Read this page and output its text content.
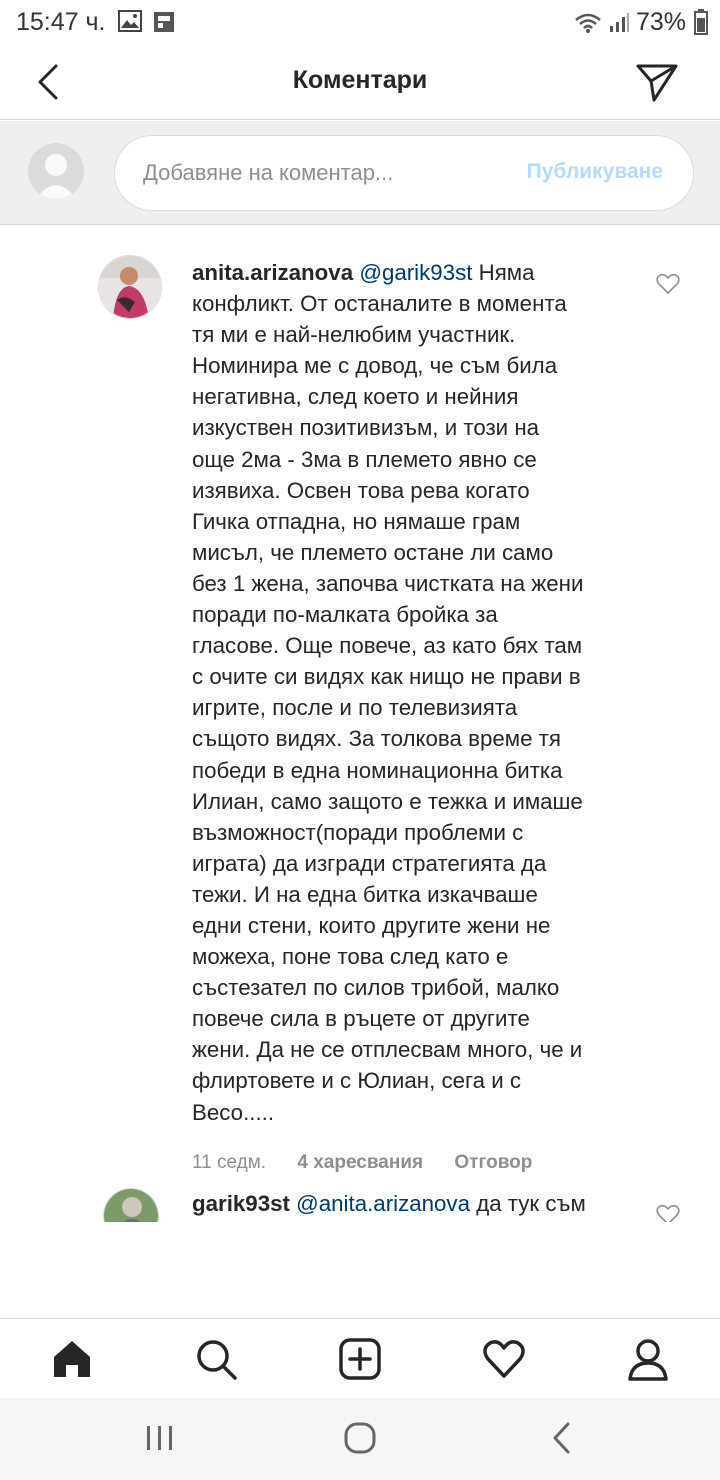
15:47 ч.	73%
Коментари
Добавяне на коментар...
Публикуване
anita.arizanova @garik93st Няма
конфликт. От останалите в момента
тя ми е най-нелюбим участник.
Номинира ме с довод, че съм била
негативна, след което и нейния
изкуствен позитивизъм, и този на
още 2ма - 3ма в племето явно се
изявиха. Освен това рева когато
Гичка отпадна, но нямаше грам
мисъл, че племето остане ли само
без 1 жена, започва чистката на жени
поради по-малката бройка за
гласове. Още повече, аз като бях там
с очите си видях как нищо не прави в
игрите, после и по телевизията
същото видях. За толкова време тя
победи в една номинационна битка
Илиан, само защото е тежка и имаше
възможност(поради проблеми с
играта) да изгради стратегията да
тежи. И на една битка изкачваше
едни стени, които другите жени не
можеха, поне това след като е
състезател по силов трибой, малко
повече сила в ръцете от другите
жени. Да не се отплесвам много, че и
флиртовете и с Юлиан, сега и с
Весо.....
11 седм. 4 харесвания Отговор
garik93st @anita.arizanova да тук съм
